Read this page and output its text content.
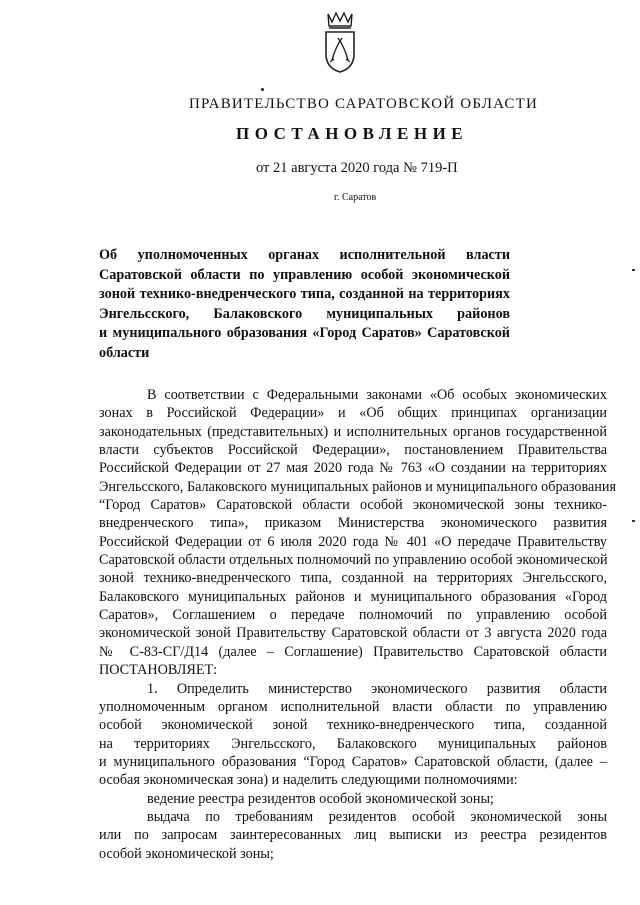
ПРАВИТЕЛЬСТВО САРАТОВСКОЙ ОБЛАСТИ
ПОСТАНОВЛЕНИЕ
от 21 августа 2020 года № 719-П
г. Саратов
Об уполномоченных органах исполнительной власти
Саратовской области по управлению особой экономической
зоной технико-внедренческого типа, созданной на территориях
Энгельсского, Балаковского муниципальных районов
и муниципального образования «Город Саратов» Саратовской
области
В соответствии с Федеральными законами «Об особых экономических
зонах в Российской Федерации» и «Об общих принципах организации
законодательных (представительных) и исполнительных органов государственной
власти субъектов Российской Федерации», постановлением Правительства
Российской Федерации от 27 мая 2020 года № 763 «О создании на территориях
Энгельсского, Балаковского муниципальных районов и муниципального образования
“Город Саратов» Саратовской области особой экономической зоны технико-
внедренческого типа», приказом Министерства экономического развития
Российской Федерации от 6 июля 2020 года № 401 «О передаче Правительству
Саратовской области отдельных полномочий по управлению особой экономической
зоной технико-внедренческого типа, созданной на территориях Энгельсского,
Балаковского муниципальных районов и муниципального образования «Город
Саратов», Соглашением о передаче полномочий по управлению особой
экономической зоной Правительству Саратовской области от 3 августа 2020 года
№ С-83-СГ/Д14 (далее – Соглашение) Правительство Саратовской области
ПОСТАНОВЛЯЕТ:
1. Определить министерство экономического развития области
уполномоченным органом исполнительной власти области по управлению
особой экономической зоной технико-внедренческого типа, созданной
на территориях Энгельсского, Балаковского муниципальных районов
и муниципального образования “Город Саратов» Саратовской области, (далее –
особая экономическая зона) и наделить следующими полномочиями:
ведение реестра резидентов особой экономической зоны;
выдача по требованиям резидентов особой экономической зоны
или по запросам заинтересованных лиц выписки из реестра резидентов
особой экономической зоны;
